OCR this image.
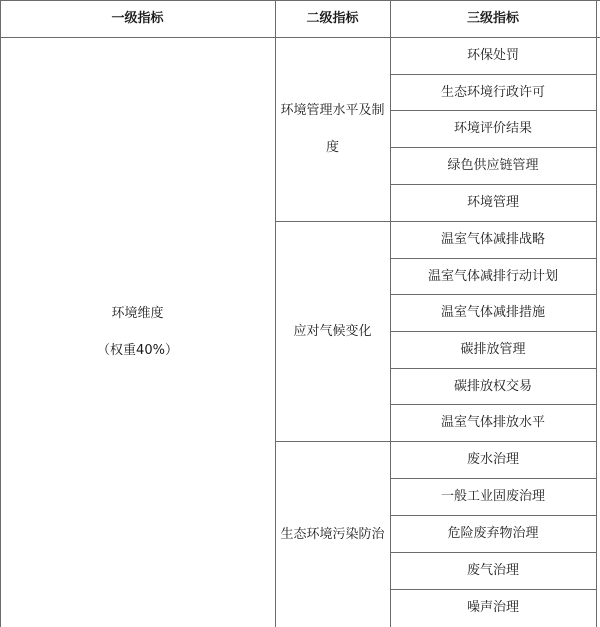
一级指标	二级指标	三级指标
环境维度
（权重40%）
环境管理水平及制度
应对气候变化
生态环境污染防治
环保处罚
生态环境行政许可
环境评价结果
绿色供应链管理
环境管理
温室气体减排战略
温室气体减排行动计划
温室气体减排措施
碳排放管理
碳排放权交易
温室气体排放水平
废水治理
一般工业固废治理
危险废弃物治理
废气治理
噪声治理
